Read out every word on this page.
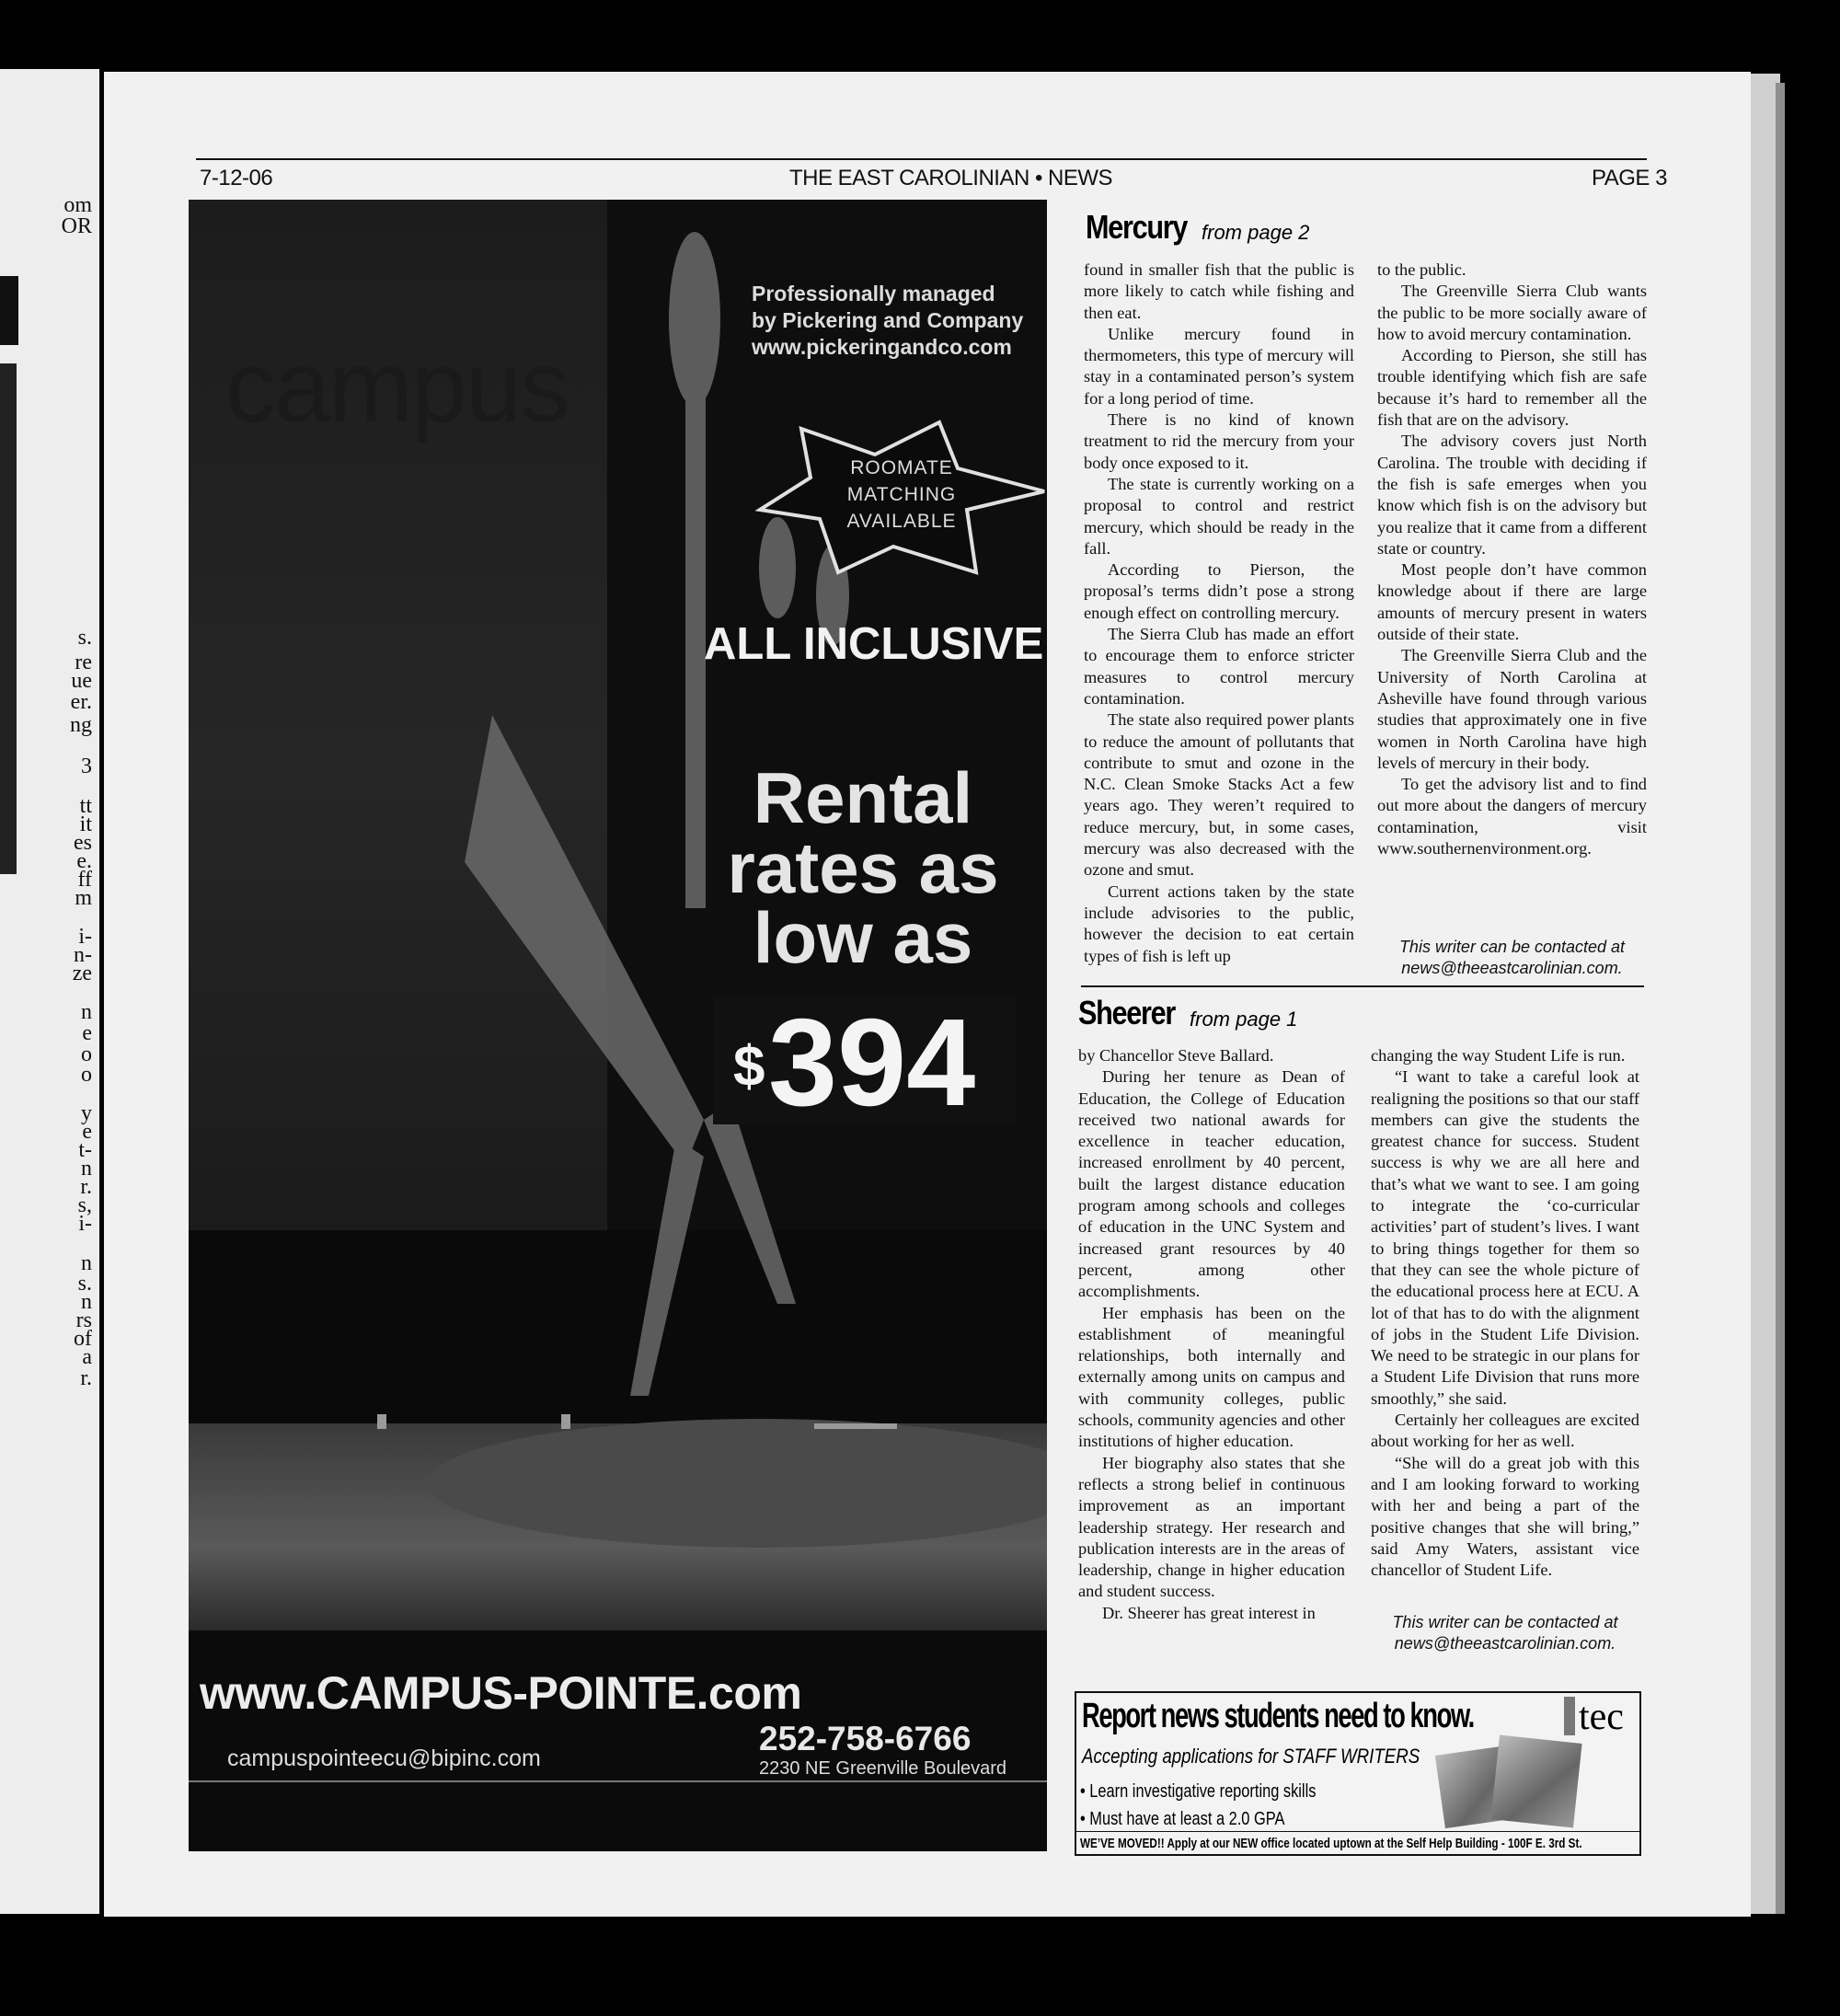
om
OR
s.
re
ue
er.
ng
3
tt
it
es
e.
ff
m
i-
n-
ze
n
e
o
o
y
e
t-
n
r.
s,
i-
n
s.
n
rs
of
a
r.
7-12-06	THE EAST CAROLINIAN • NEWS	PAGE 3
campus
Professionally managed
by Pickering and Company
www.pickeringandco.com
ROOMATE
MATCHING
AVAILABLE
ALL INCLUSIVE
Rental
rates as
low as
$ 394
www.CAMPUS-POINTE.com
252-758-6766
campuspointeecu@bipinc.com	2230 NE Greenville Boulevard
Mercury from page 2

found in smaller fish that the public is more likely to catch while fishing and then eat.

Unlike mercury found in thermometers, this type of mercury will stay in a contaminated person’s system for a long period of time.

There is no kind of known treatment to rid the mercury from your body once exposed to it.

The state is currently working on a proposal to control and restrict mercury, which should be ready in the fall.

According to Pierson, the proposal’s terms didn’t pose a strong enough effect on controlling mercury.

The Sierra Club has made an effort to encourage them to enforce stricter measures to control mercury contamination.

The state also required power plants to reduce the amount of pollutants that contribute to smut and ozone in the N.C. Clean Smoke Stacks Act a few years ago. They weren’t required to reduce mercury, but, in some cases, mercury was also decreased with the ozone and smut.

Current actions taken by the state include advisories to the public, however the decision to eat certain types of fish is left up

to the public.

The Greenville Sierra Club wants the public to be more socially aware of how to avoid mercury contamination.

According to Pierson, she still has trouble identifying which fish are safe because it’s hard to remember all the fish that are on the advisory.

The advisory covers just North Carolina. The trouble with deciding if the fish is safe emerges when you know which fish is on the advisory but you realize that it came from a different state or country.

Most people don’t have common knowledge about if there are large amounts of mercury present in waters outside of their state.

The Greenville Sierra Club and the University of North Carolina at Asheville have found through various studies that approximately one in five women in North Carolina have high levels of mercury in their body.

To get the advisory list and to find out more about the dangers of mercury contamination, visit www.southernenvironment.org.

This writer can be contacted at

news@theeastcarolinian.com.

Sheerer from page 1

by Chancellor Steve Ballard.

During her tenure as Dean of Education, the College of Education received two national awards for excellence in teacher education, increased enrollment by 40 percent, built the largest distance education program among schools and colleges of education in the UNC System and increased grant resources by 40 percent, among other accomplishments.

Her emphasis has been on the establishment of meaningful relationships, both internally and externally among units on campus and with community colleges, public schools, community agencies and other institutions of higher education.

Her biography also states that she reflects a strong belief in continuous improvement as an important leadership strategy. Her research and publication interests are in the areas of leadership, change in higher education and student success.

Dr. Sheerer has great interest in

changing the way Student Life is run.

“I want to take a careful look at realigning the positions so that our staff members can give the students the greatest chance for success. Student success is why we are all here and that’s what we want to see. I am going to integrate the ‘co-curricular activities’ part of student’s lives. I want to bring things together for them so that they can see the whole picture of the educational process here at ECU. A lot of that has to do with the alignment of jobs in the Student Life Division. We need to be strategic in our plans for a Student Life Division that runs more smoothly,” she said.

Certainly her colleagues are excited about working for her as well.

“She will do a great job with this and I am looking forward to working with her and being a part of the positive changes that she will bring,” said Amy Waters, assistant vice chancellor of Student Life.

This writer can be contacted at

news@theeastcarolinian.com.

Report news students need to know.	tec
Accepting applications for STAFF WRITERS
• Learn investigative reporting skills
• Must have at least a 2.0 GPA
WE’VE MOVED!! Apply at our NEW office located uptown at the Self Help Building - 100F E. 3rd St.
